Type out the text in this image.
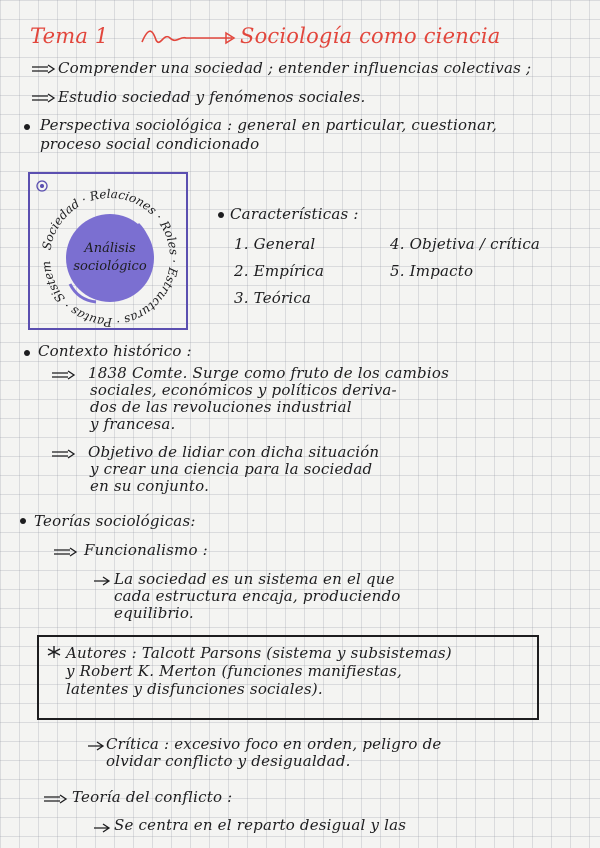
Tema 1	Sociología como ciencia
Comprender una sociedad ; entender influencias colectivas ;
Estudio sociedad y fenómenos sociales.
Perspectiva sociológica : general en particular, cuestionar,
proceso social condicionado
Sociedad · Relaciones · Roles · Estructuras · Pautas · Sistem
Análisis
sociológico
Características :
1. General
2. Empírica
3. Teórica
4. Objetiva / crítica
5. Impacto
Contexto histórico :
1838 Comte. Surge como fruto de los cambios
sociales, económicos y políticos deriva-
dos de las revoluciones industrial
y francesa.
Objetivo de lidiar con dicha situación
y crear una ciencia para la sociedad
en su conjunto.
Teorías sociológicas:
Funcionalismo :
La sociedad es un sistema en el que
cada estructura encaja, produciendo
equilibrio.
Autores : Talcott Parsons (sistema y subsistemas)
y Robert K. Merton (funciones manifiestas,
latentes y disfunciones sociales).
Crítica : excesivo foco en orden, peligro de
olvidar conflicto y desigualdad.
Teoría del conflicto :
Se centra en el reparto desigual y las
